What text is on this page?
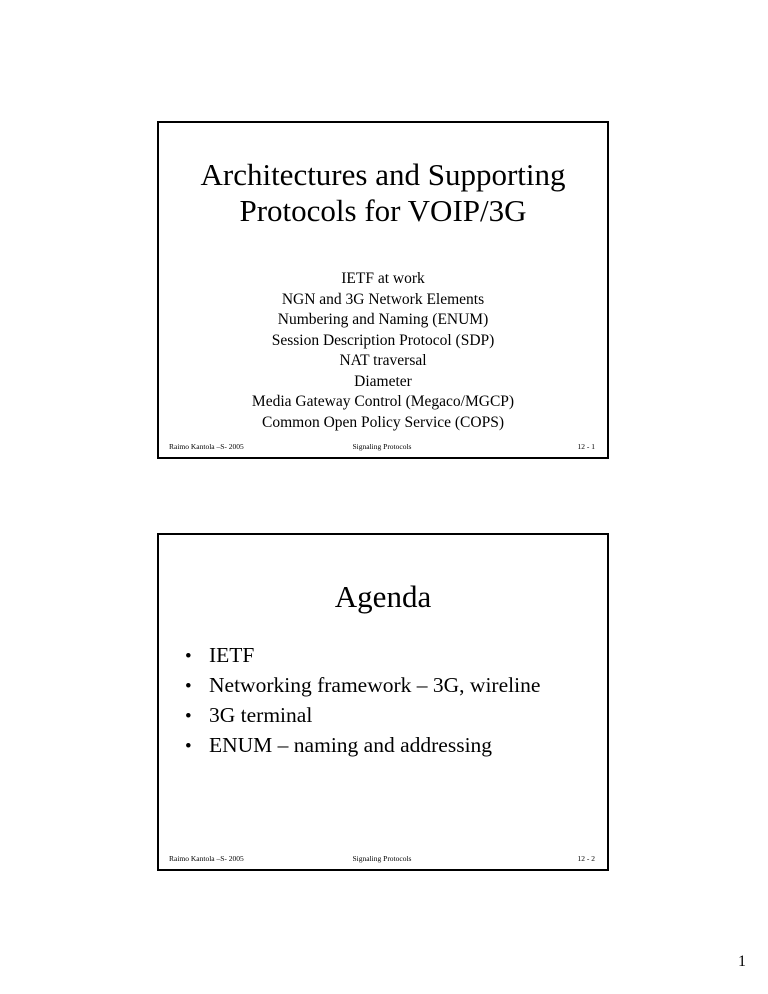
Architectures and Supporting
Protocols for VOIP/3G
IETF at work
NGN and 3G Network Elements
Numbering and Naming (ENUM)
Session Description Protocol (SDP)
NAT traversal
Diameter
Media Gateway Control (Megaco/MGCP)
Common Open Policy Service (COPS)
Raimo Kantola –S- 2005	Signaling Protocols	12 - 1
Agenda
• IETF
• Networking framework – 3G, wireline
• 3G terminal
• ENUM – naming and addressing
Raimo Kantola –S- 2005	Signaling Protocols	12 - 2
1
